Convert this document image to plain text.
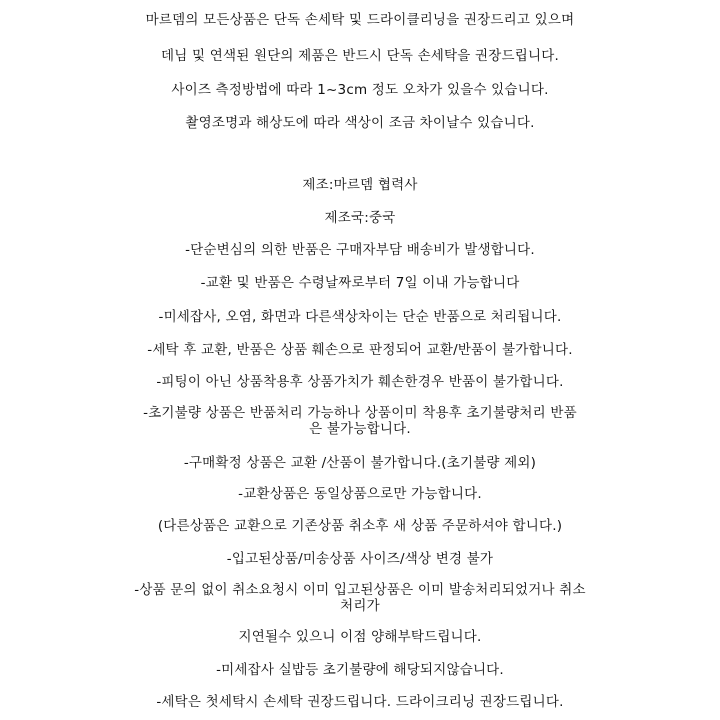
마르뎀의 모든상품은 단독 손세탁 및 드라이클리닝을 권장드리고 있으며
데님 및 연색된 원단의 제품은 반드시 단독 손세탁을 권장드립니다.
사이즈 측정방법에 따라 1~3cm 정도 오차가 있을수 있습니다.
촬영조명과 해상도에 따라 색상이 조금 차이날수 있습니다.
제조:마르뎀 협력사
제조국:중국
-단순변심의 의한 반품은 구매자부담 배송비가 발생합니다.
-교환 및 반품은 수령날짜로부터 7일 이내 가능합니다
-미세잡사, 오염, 화면과 다른색상차이는 단순 반품으로 처리됩니다.
-세탁 후 교환, 반품은 상품 훼손으로 판정되어 교환/반품이 불가합니다.
-피팅이 아닌 상품착용후 상품가치가 훼손한경우 반품이 불가합니다.
-초기불량 상품은 반품처리 가능하나 상품이미 착용후 초기불량처리 반품은 불가능합니다.
-구매확정 상품은 교환 /산품이 불가합니다.(초기불량 제외)
-교환상품은 동일상품으로만 가능합니다.
(다른상품은 교환으로 기존상품 취소후 새 상품 주문하셔야 합니다.)
-입고된상품/미송상품 사이즈/색상 변경 불가
-상품 문의 없이 취소요청시 이미 입고된상품은 이미 발송처리되었거나 취소처리가
지연될수 있으니 이점 양해부탁드립니다.
-미세잡사 실밥등 초기불량에 해당되지않습니다.
-세탁은 첫세탁시 손세탁 권장드립니다. 드라이크리닝 권장드립니다.
